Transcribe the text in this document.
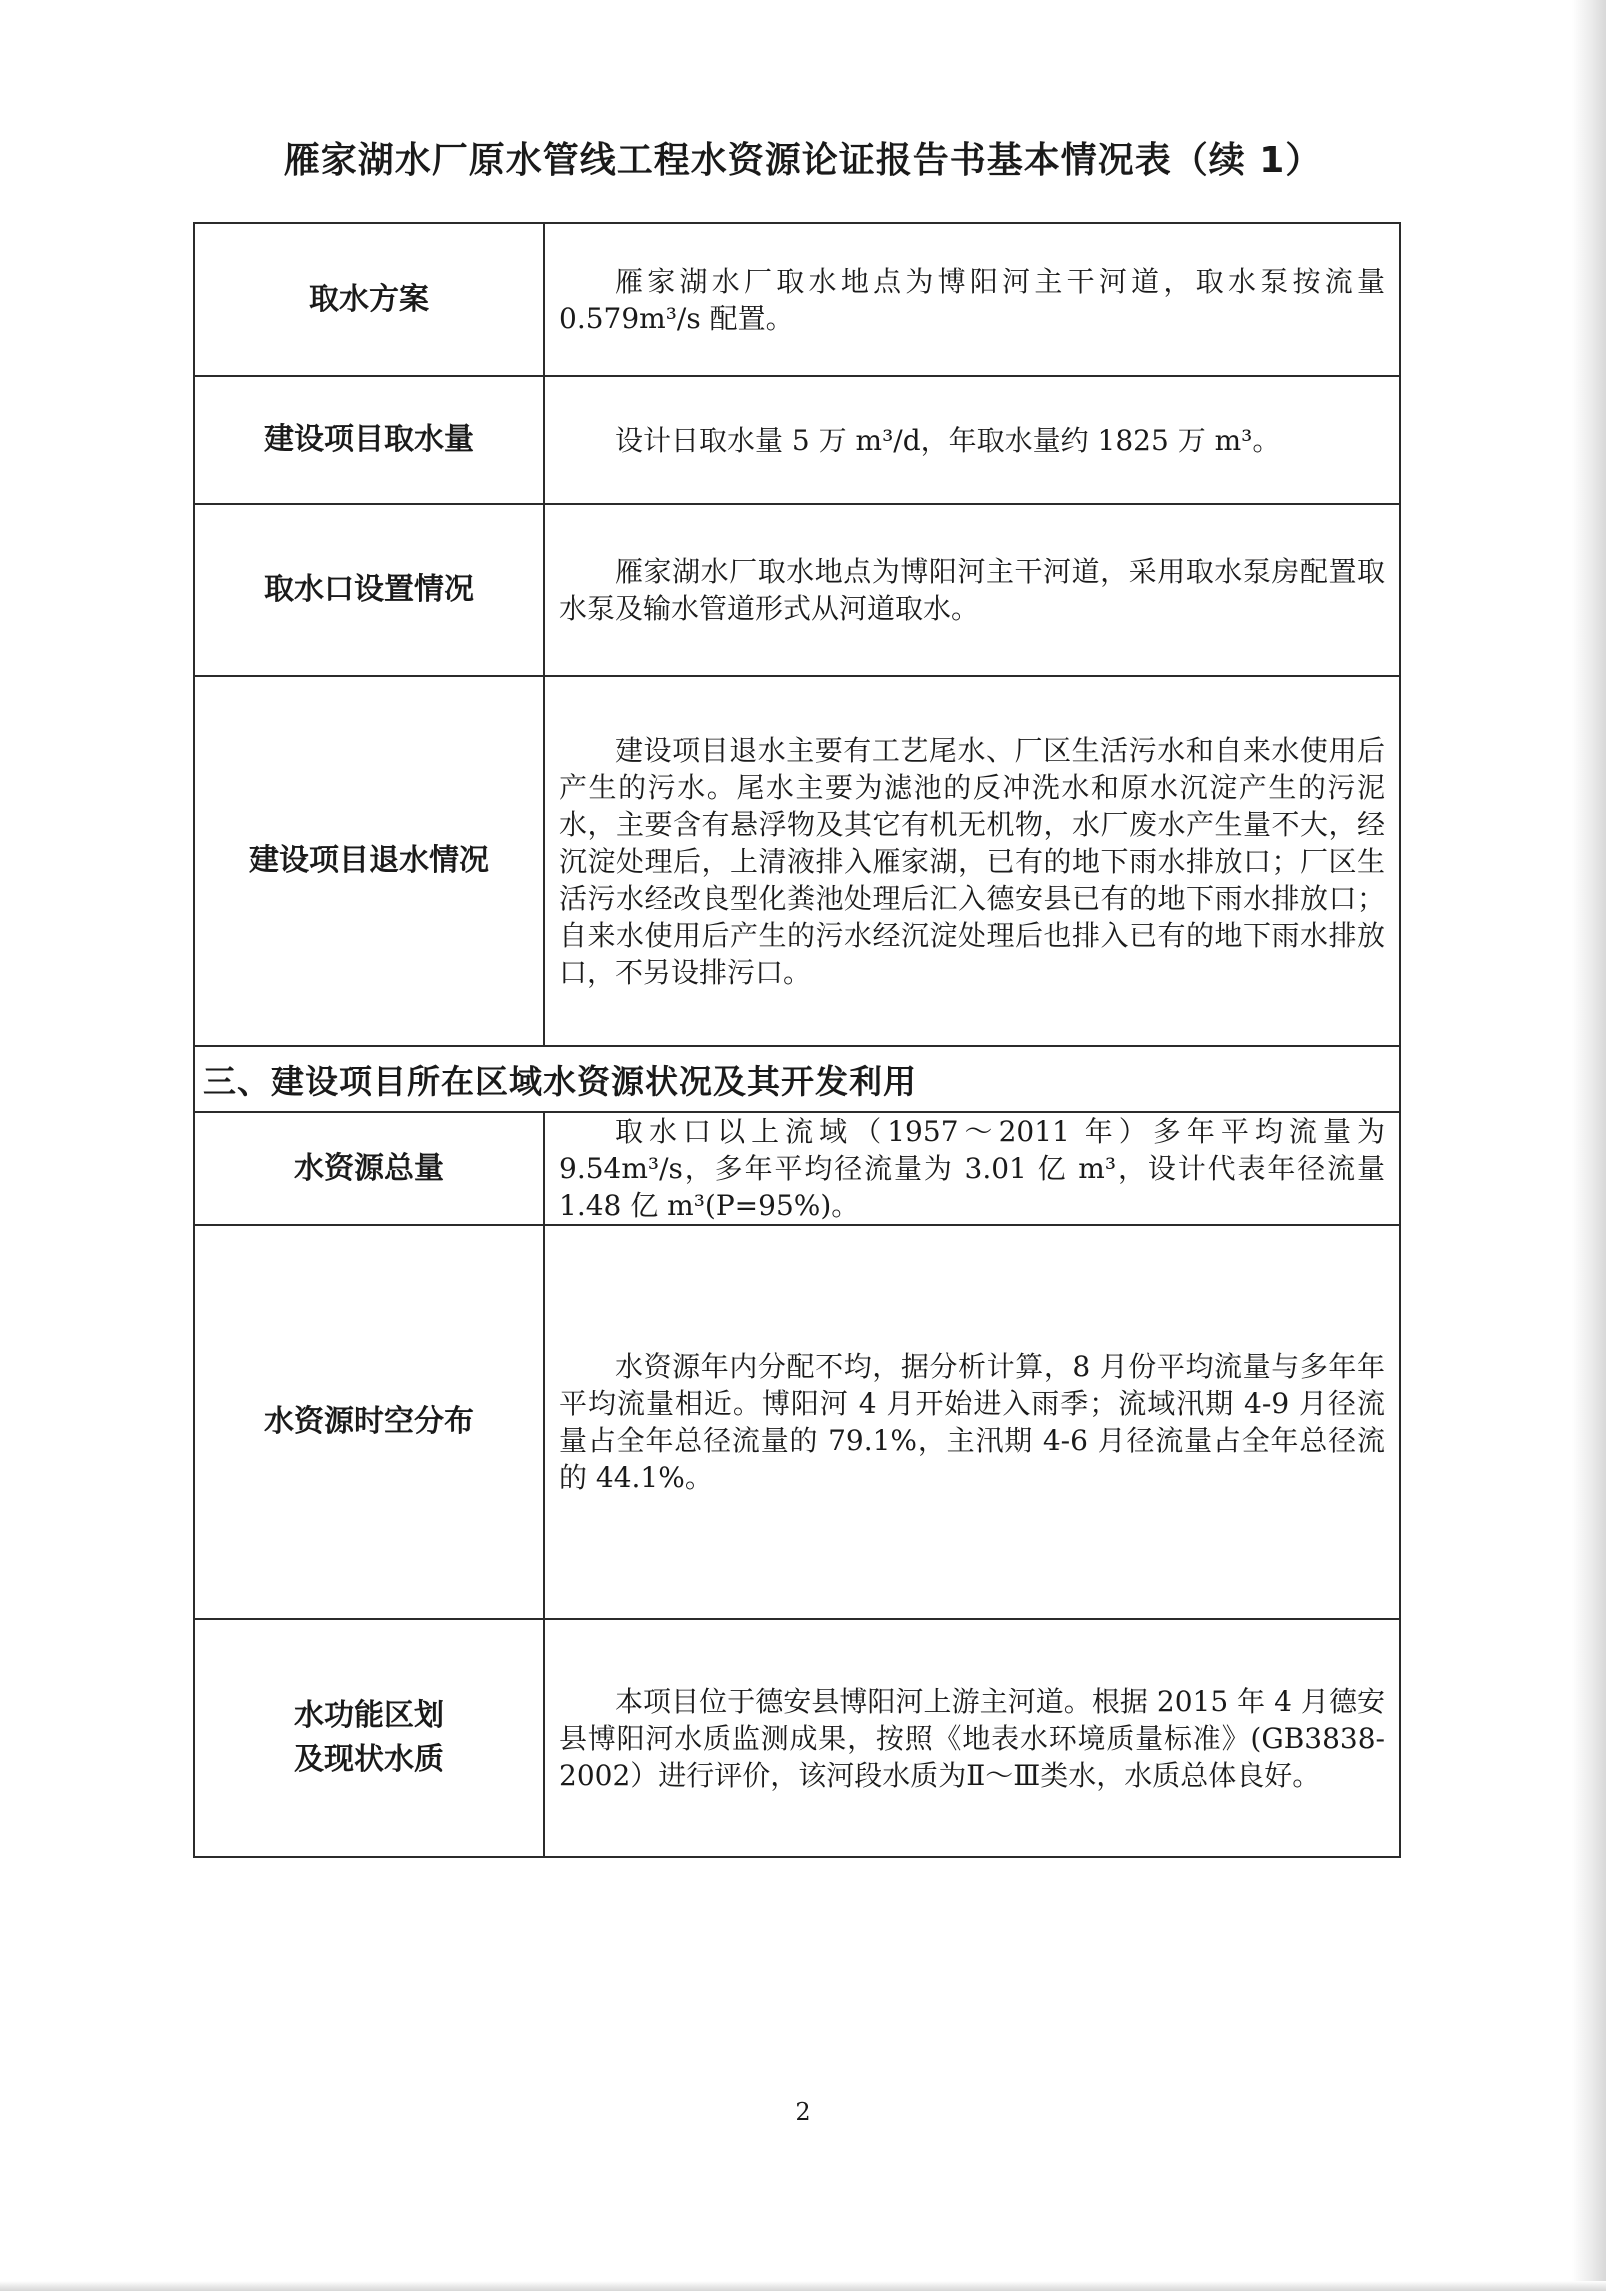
雁家湖水厂原水管线工程水资源论证报告书基本情况表（续 1）
取水方案	雁家湖水厂取水地点为博阳河主干河道，取水泵按流量 0.579m³/s 配置。

建设项目取水量	设计日取水量 5 万 m³/d，年取水量约 1825 万 m³。

取水口设置情况	雁家湖水厂取水地点为博阳河主干河道，采用取水泵房配置取水泵及输水管道形式从河道取水。

建设项目退水情况	建设项目退水主要有工艺尾水、厂区生活污水和自来水使用后产生的污水。尾水主要为滤池的反冲洗水和原水沉淀产生的污泥水，主要含有悬浮物及其它有机无机物，水厂废水产生量不大，经沉淀处理后，上清液排入雁家湖，已有的地下雨水排放口；厂区生活污水经改良型化粪池处理后汇入德安县已有的地下雨水排放口；自来水使用后产生的污水经沉淀处理后也排入已有的地下雨水排放口，不另设排污口。

三、建设项目所在区域水资源状况及其开发利用	
水资源总量	取水口以上流域（1957～2011 年）多年平均流量为 9.54m³/s，多年平均径流量为 3.01 亿 m³，设计代表年径流量 1.48 亿 m³(P=95%)。

水资源时空分布	水资源年内分配不均，据分析计算，8 月份平均流量与多年年平均流量相近。博阳河 4 月开始进入雨季；流域汛期 4-9 月径流量占全年总径流量的 79.1%，主汛期 4-6 月径流量占全年总径流的 44.1%。

水功能区划
及现状水质	本项目位于德安县博阳河上游主河道。根据 2015 年 4 月德安县博阳河水质监测成果，按照《地表水环境质量标准》(GB3838-2002）进行评价，该河段水质为Ⅱ～Ⅲ类水，水质总体良好。

2
